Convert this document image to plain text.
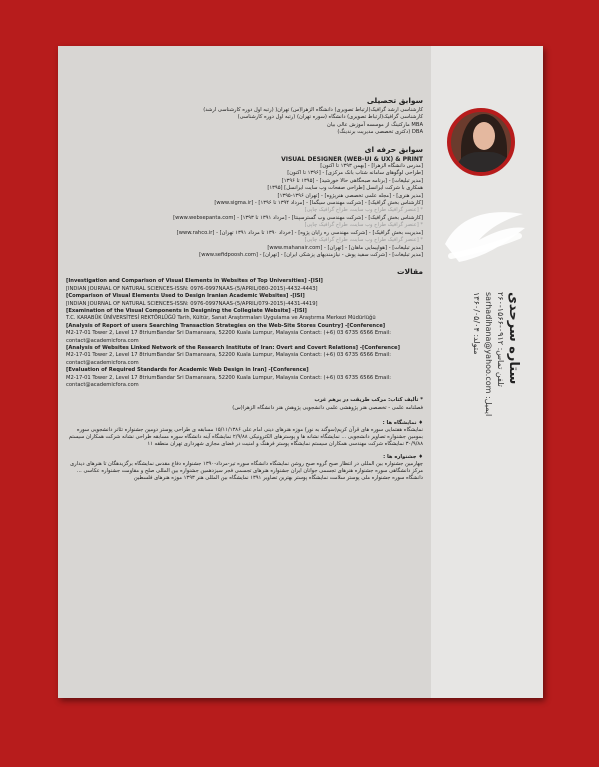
ستاره سرحدی
تلفن تماس: ۰۹۱۲-۱۵۶۶-۲۶۰
ایمیل: sarhadihana@yahoo.com
متولد: ۱۳۶۰/۰۵/۰۴
سوابق تحصیلی

کارشناسی ارشد گرافیک(ارتباط تصویری) دانشگاه الزهرا(س) تهران( (رتبه اول دوره کارشناسی ارشد)

کارشناسی گرافیک(ارتباط تصویری) دانشگاه (سوره تهران) (رتبه اول دوره کارشناسی)

MBA مارکتینگ از موسسه آموزش عالی بیان

DBA (دکتری تخصصی مدیریت برندینگ)

سوابق حرفه ای

VISUAL DESIGNER (WEB-UI & UX) & PRINT

[مدرس دانشگاه الزهرا] - [بهمن ۱۳۹۳ تا اکنون]

[طراحی لوگوهای سامانه شتاب بانک مرکزی] - [۱۳۹۶ تا اکنون]

[مدیر تبلیغات] - [برنامه صبحگاهی حالا خورشید] - [۱۳۹۵ تا ۱۳۹۶]

همکاری با شرکت ایرانسل [طراحی صفحات وب سایت ایرانسل] [۱۳۹۵]

[مدیر هنری] - [مجله علمی تخصصی هنرپژوه] - [تهران ۱۳۹۶-۱۳۹۵]

[کارشناس بخش گرافیک] - [شرکت مهندسی سیگما] - [مرداد ۱۳۹۴ تا ۱۳۹۶] - [www.sigma.ir]

* [عنصر گرافیک طراح وب سایت، طراح گرافیک چاپی]

[کارشناس بخش گرافیک] - [شرکت مهندسی وب گسترسپنتا] - [مرداد ۱۳۹۱ تا ۱۳۹۳] - [www.websepanta.com]

* [عنصر گرافیک طراح وب سایت، طراح گرافیک چاپی]

[مدیریت بخش گرافیک] - [شرکت مهندسی ره رایان پژوه] - [خرداد ۱۳۹۰ تا مرداد ۱۳۹۱ تهران] - [www.rahco.ir]

* [عنصر گرافیک طراح وب سایت، طراح گرافیک چاپی]

[مدیر تبلیغات] - [هواپیمایی ماهان] - [تهران] - [www.mahanair.com]

[مدیر تبلیغات] - [شرکت سفید پوش - نیازمندیهای پزشکی ایران] - [تهران] - [www.sefidpoosh.com]

مقالات

[Investigation and Comparison of Visual Elements in Websites of Top Universities] -[ISI]

[INDIAN JOURNAL OF NATURAL SCIENCES-ISSN: 0976-0997NAAS-(5/APRIL/080-2015)-4432-4443]

[Comparison of Visual Elements Used to Design Iranian Academic Websites] -[ISI]

[INDIAN JOURNAL OF NATURAL SCIENCES-ISSN: 0976-0997NAAS-(5/APRIL/079-2015)-4431-4419]

[Examination of the Visual Components in Designing the Collegiate Website] -[ISI]

T.C. KARABÜK ÜNİVERSİTESİ REKTÖRLÜĞÜ Tarih, Kültür, Sanat Araştırmaları Uygulama ve Araştırma Merkezi Müdürlüğü

[Analysis of Report of users Searching Transaction Strategies on the Web-Site Stores Country] -[Conference]

M2-17-01 Tower 2, Level 17 8triumBandar Sri Damansara, 52200 Kuala Lumpur, Malaysia Contact: (+6) 03 6735 6566 Email: contact@academicfora.com

[Analysis of Websites Linked Network of the Research Institute of Iran: Overt and Covert Relations] -[Conference]

M2-17-01 Tower 2, Level 17 8triumBandar Sri Damansara, 52200 Kuala Lumpur, Malaysia Contact: (+6) 03 6735 6566 Email: contact@academicfora.com

[Evaluation of Required Standards for Academic Web Design in Iran] -[Conference]

M2-17-01 Tower 2, Level 17 8triumBandar Sri Damansara, 52200 Kuala Lumpur, Malaysia Contact: (+6) 03 6735 6566 Email: contact@academicfora.com

* تألیف کتاب: مرکب طریقت در برهم غرب

فصلنامه علمی - تخصصی هنر پژوهشی علمی دانشجویی پژوهش هنر دانشگاه الزهرا(س)

♦ نمایشگاه ها :

نمایشگاه هفتمایی سوره های قرآن کریم(سوگند به نور) موزه هنرهای دینی امام علی ۱۵/۱۱/۱۳۸۶ مسابقه ی طراحی پوستر دومین جشنواره تئاتر دانشجویی سوره بمومین جشنواره تصاویر دانشجویی ... نمایشگاه نشانه ها و پوسترهای الکترونیکی ۲/۹/۸۸ نمایشگاه آینه دانشگاه سوره مسابقه طراحی نشانه شرکت همکاران سیستم ۳۰/۹/۸۸ نمایشگاه شرکت مهندسی همکاران سیستم نمایشگاه پوستر فرهنگ و امنیت در فضای مجازی شهرداری تهران منطقه ۱۱

♦ جشنواره ها :

چهارمین جشنواره بین المللی در انتظار صبح گروه صبح روشن نمایشگاه دانشگاه سوره تیر-مرداد-۱۳۹۰ جشنواره دفاع مقدس نمایشگاه برگزیدهگان تا هنرهای دیداری مرکز دانشگاهی سوره جشنواره هنرهای تجسمی جوانان ایران جشنواره هنرهای تجسمی فجر سیزدهمین جشنواره بین المللی صلح و مقاومت جشنواره عکاسی ... دانشگاه سوره جشنواره ملی پوستر سلامت نمایشگاه پوستر بهترین تصاویر ۱۳۹۱ نمایشگاه بین المللی هنر ۱۳۹۳ موزه هنرهای فلسطین
